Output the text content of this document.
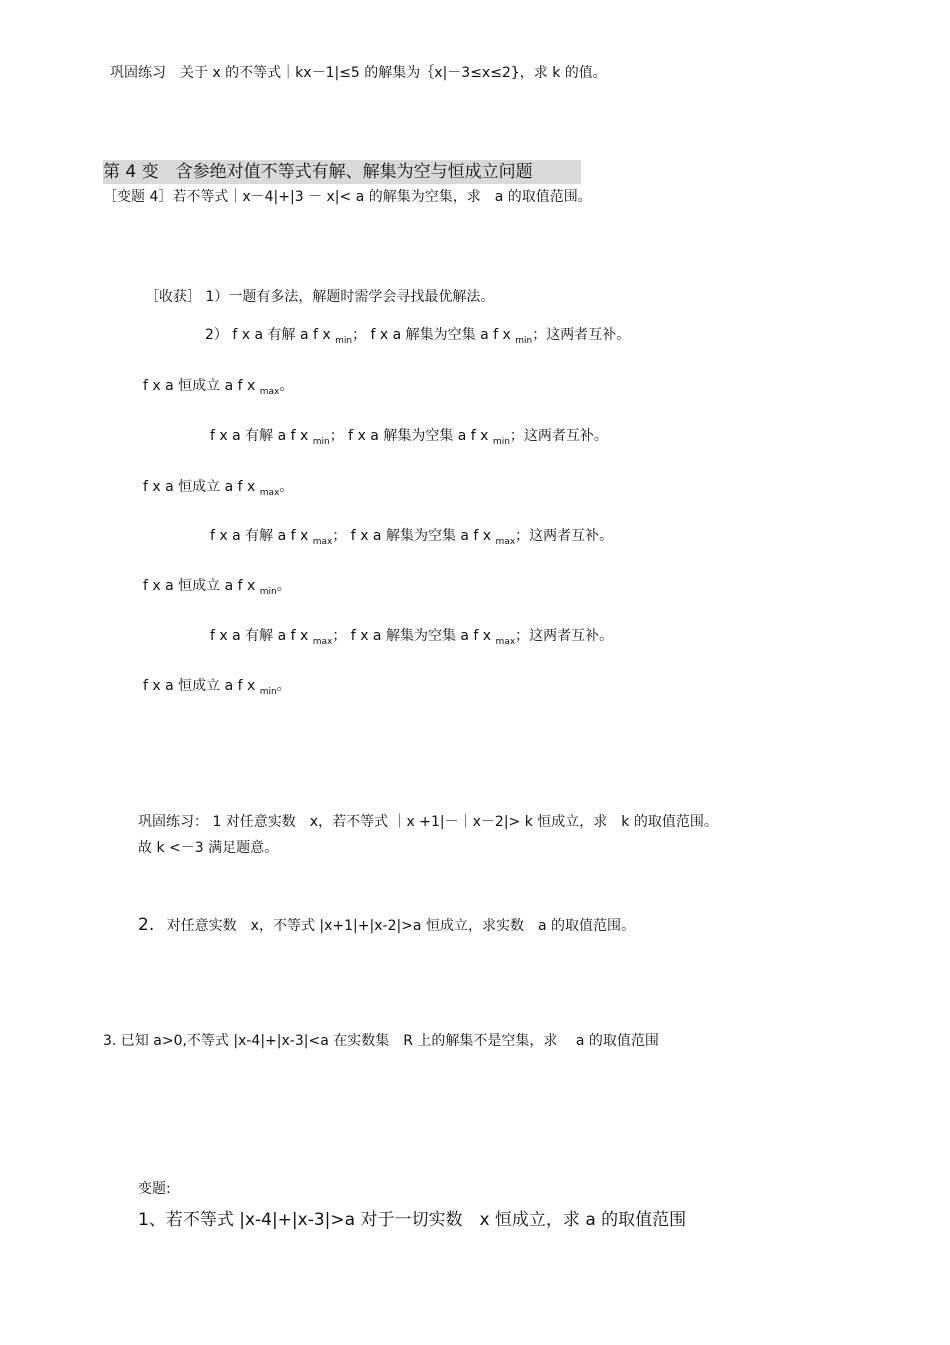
巩固练习　关于 x 的不等式｜kx－1|≤5 的解集为｛x|－3≤x≤2}，求 k 的值。
第 4 变　含参绝对值不等式有解、解集为空与恒成立问题
［变题 4］若不等式｜x－4|+|3 － x|< a 的解集为空集，求　a 的取值范围。
［收获］ 1）一题有多法，解题时需学会寻找最优解法。
2） f x a 有解 a f x $_{min}$； f x a 解集为空集 a f x $_{min}$；这两者互补。
f x a 恒成立 a f x $_{max}$。
f x a 有解 a f x $_{min}$； f x a 解集为空集 a f x $_{min}$；这两者互补。
f x a 恒成立 a f x $_{max}$。
f x a 有解 a f x $_{max}$； f x a 解集为空集 a f x $_{max}$；这两者互补。
f x a 恒成立 a f x $_{min}$。
f x a 有解 a f x $_{max}$； f x a 解集为空集 a f x $_{max}$；这两者互补。
f x a 恒成立 a f x $_{min}$。
巩固练习： 1 对任意实数　x，若不等式 ｜x +1|－｜x－2|> k 恒成立，求　k 的取值范围。
故 k <－3 满足题意。
2. 对任意实数　x，不等式 |x+1|+|x-2|>a 恒成立，求实数　a 的取值范围。
3. 已知 a>0,不等式 |x-4|+|x-3|<a 在实数集　R 上的解集不是空集，求　 a 的取值范围
变题:
1、若不等式 |x-4|+|x-3|>a 对于一切实数　x 恒成立，求 a 的取值范围
